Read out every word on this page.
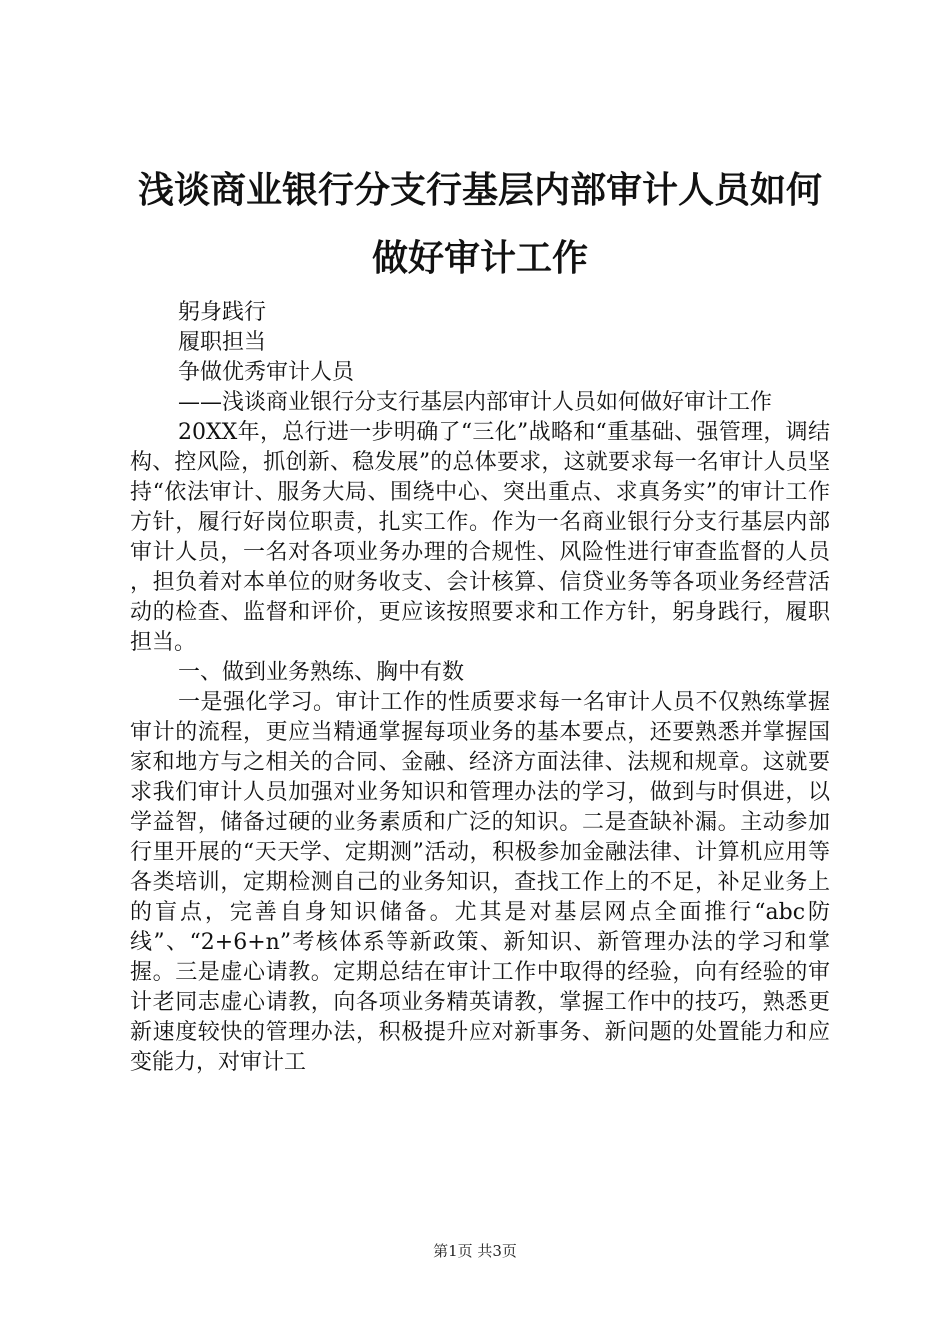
浅谈商业银行分支行基层内部审计人员如何做好审计工作

躬身践行

履职担当

争做优秀审计人员

——浅谈商业银行分支行基层内部审计人员如何做好审计工作

20XX年，总行进一步明确了“三化”战略和“重基础、强管理，调结构、控风险，抓创新、稳发展”的总体要求，这就要求每一名审计人员坚持“依法审计、服务大局、围绕中心、突出重点、求真务实”的审计工作方针，履行好岗位职责，扎实工作。作为一名商业银行分支行基层内部审计人员，一名对各项业务办理的合规性、风险性进行审查监督的人员 ，担负着对本单位的财务收支、会计核算、信贷业务等各项业务经营活动的检查、监督和评价，更应该按照要求和工作方针，躬身践行，履职担当。

一、做到业务熟练、胸中有数

一是强化学习。审计工作的性质要求每一名审计人员不仅熟练掌握审计的流程，更应当精通掌握每项业务的基本要点，还要熟悉并掌握国家和地方与之相关的合同、金融、经济方面法律、法规和规章。这就要求我们审计人员加强对业务知识和管理办法的学习，做到与时俱进，以学益智，储备过硬的业务素质和广泛的知识。二是查缺补漏。主动参加行里开展的“天天学、定期测”活动，积极参加金融法律、计算机应用等各类培训，定期检测自己的业务知识，查找工作上的不足，补足业务上的盲点，完善自身知识储备。尤其是对基层网点全面推行“abc防线”、“2+6+n”考核体系等新政策、新知识、新管理办法的学习和掌握。三是虚心请教。定期总结在审计工作中取得的经验，向有经验的审计老同志虚心请教，向各项业务精英请教，掌握工作中的技巧，熟悉更新速度较快的管理办法，积极提升应对新事务、新问题的处置能力和应变能力，对审计工

第1页 共3页
